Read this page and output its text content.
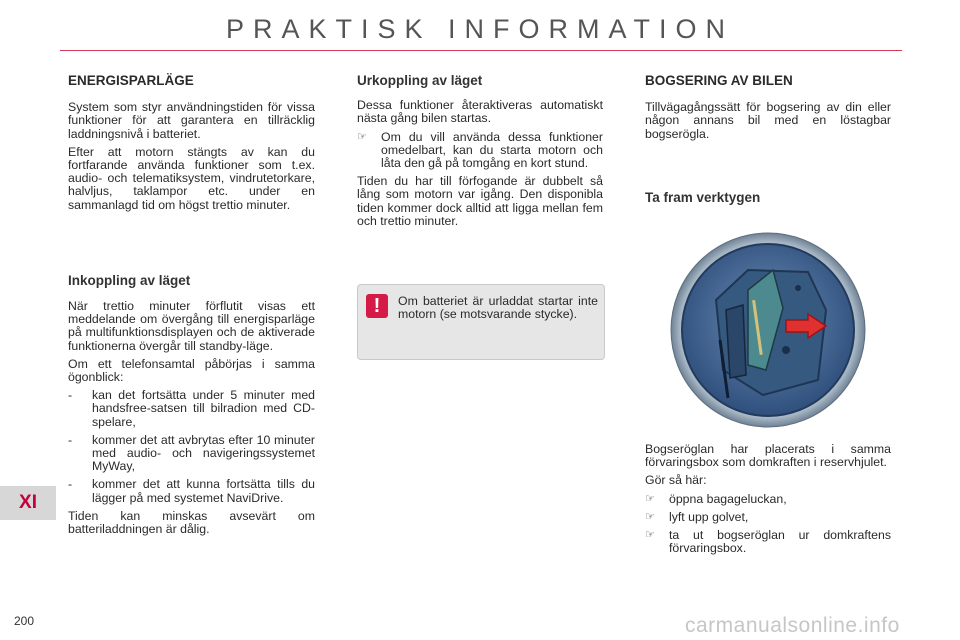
PRAKTISK INFORMATION
ENERGISPARLÄGE

System som styr användningstiden för vissa funktioner för att garantera en tillräcklig laddningsnivå i batteriet.

Efter att motorn stängts av kan du fortfarande använda funktioner som t.ex. audio- och telematiksystem, vindrutetorkare, halvljus, taklampor etc. under en sammanlagd tid om högst trettio minuter.

Inkoppling av läget

När trettio minuter förflutit visas ett meddelande om övergång till energisparläge på multifunktionsdisplayen och de aktiverade funktionerna övergår till standby-läge.

Om ett telefonsamtal påbörjas i samma ögonblick:

- kan det fortsätta under 5 minuter med handsfree-satsen till bilradion med CD-spelare,
- kommer det att avbrytas efter 10 minuter med audio- och navigeringssystemet MyWay,
- kommer det att kunna fortsätta tills du lägger på med systemet NaviDrive.

Tiden kan minskas avsevärt om batteriladdningen är dålig.

Urkoppling av läget

Dessa funktioner återaktiveras automatiskt nästa gång bilen startas.

☞ Om du vill använda dessa funktioner omedelbart, kan du starta motorn och låta den gå på tomgång en kort stund.

Tiden du har till förfogande är dubbelt så lång som motorn var igång. Den disponibla tiden kommer dock alltid att ligga mellan fem och trettio minuter.

!	Om batteriet är urladdat startar inte motorn (se motsvarande stycke).
BOGSERING AV BILEN

Tillvägagångssätt för bogsering av din eller någon annans bil med en löstagbar bogserögla.

Ta fram verktygen

Bogseröglan har placerats i samma förvaringsbox som domkraften i reservhjulet.

Gör så här:

☞ öppna bagageluckan,
☞ lyft upp golvet,
☞ ta ut bogseröglan ur domkraftens förvaringsbox.
XI
200	carmanualsonline.info
